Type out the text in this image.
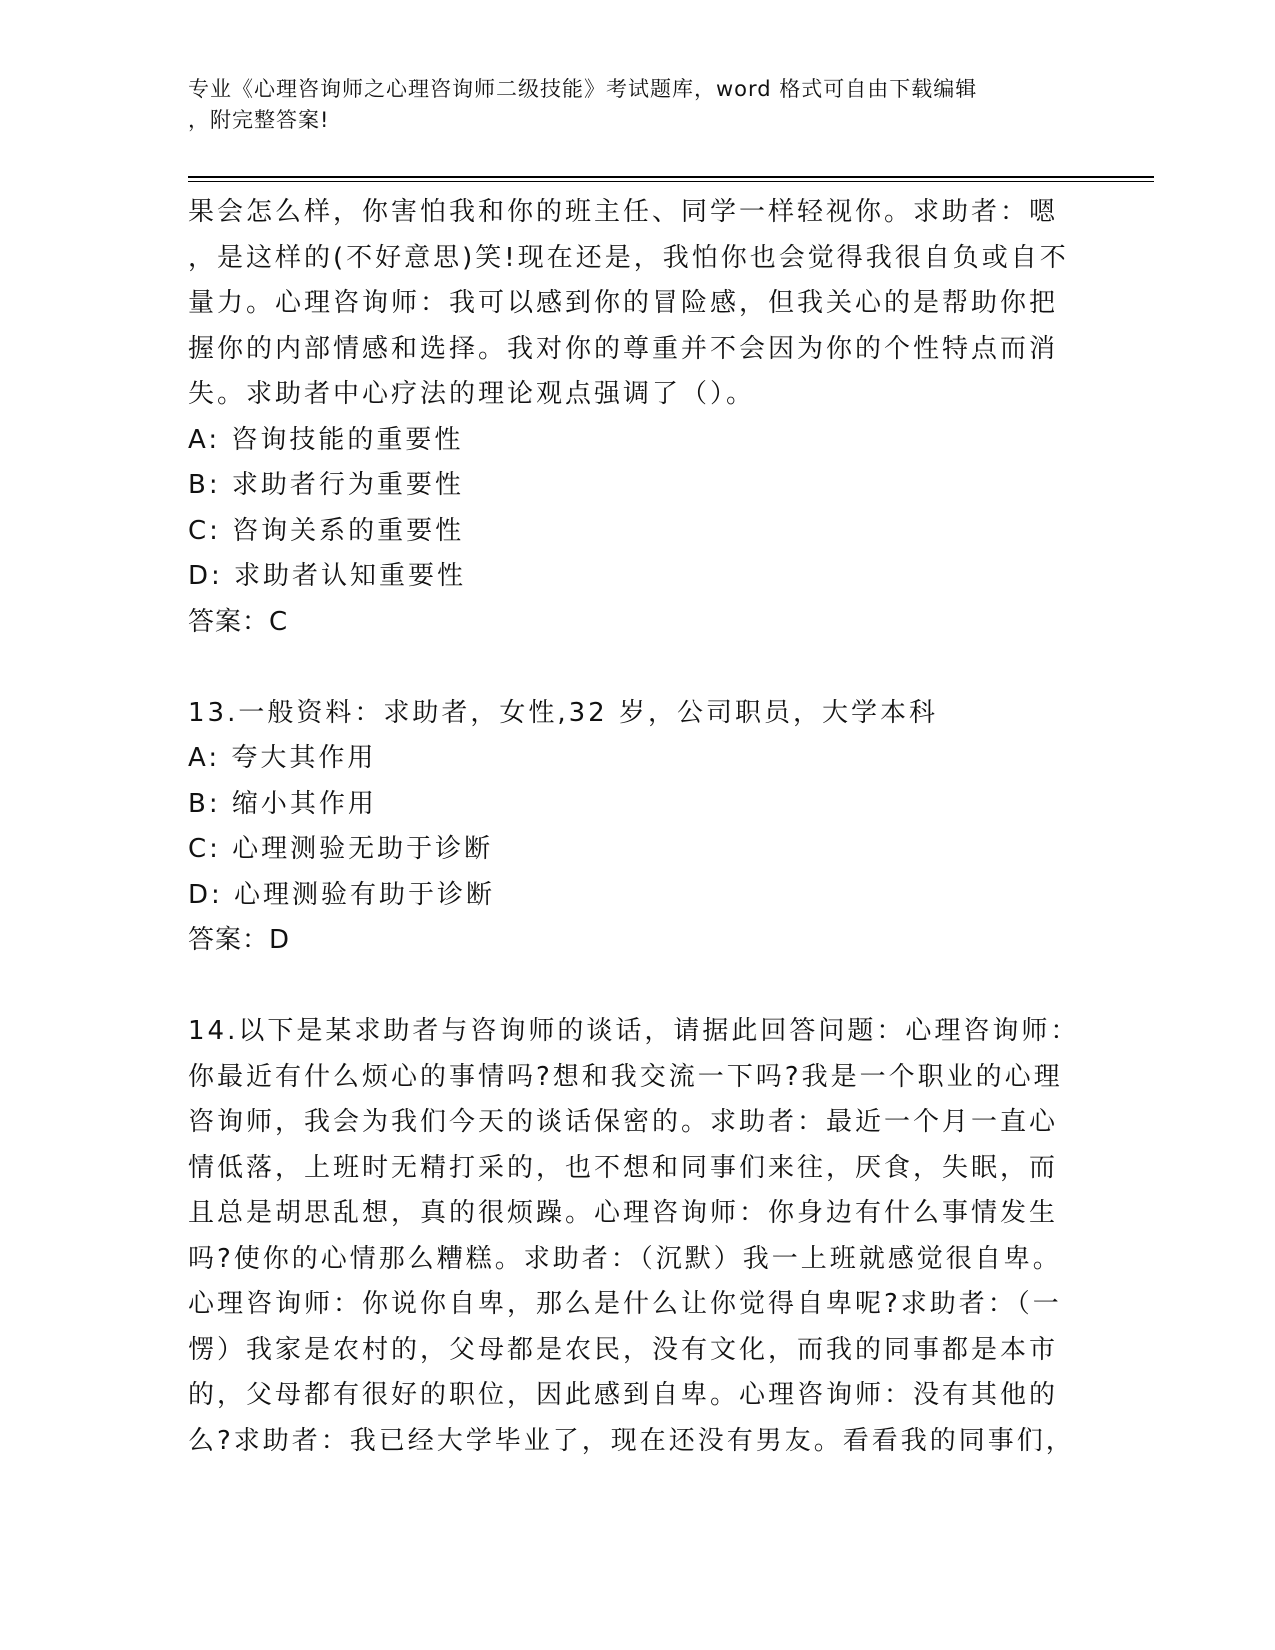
专业《心理咨询师之心理咨询师二级技能》考试题库，word 格式可自由下载编辑
，附完整答案!
果会怎么样，你害怕我和你的班主任、同学一样轻视你。求助者：嗯
，是这样的(不好意思)笑!现在还是，我怕你也会觉得我很自负或自不
量力。心理咨询师：我可以感到你的冒险感，但我关心的是帮助你把
握你的内部情感和选择。我对你的尊重并不会因为你的个性特点而消
失。求助者中心疗法的理论观点强调了（）。
A: 咨询技能的重要性
B: 求助者行为重要性
C: 咨询关系的重要性
D: 求助者认知重要性
答案：C
13.一般资料：求助者，女性,32 岁，公司职员，大学本科
A: 夸大其作用
B: 缩小其作用
C: 心理测验无助于诊断
D: 心理测验有助于诊断
答案：D
14.以下是某求助者与咨询师的谈话，请据此回答问题：心理咨询师：
你最近有什么烦心的事情吗?想和我交流一下吗?我是一个职业的心理
咨询师，我会为我们今天的谈话保密的。求助者：最近一个月一直心
情低落，上班时无精打采的，也不想和同事们来往，厌食，失眠，而
且总是胡思乱想，真的很烦躁。心理咨询师：你身边有什么事情发生
吗?使你的心情那么糟糕。求助者：（沉默）我一上班就感觉很自卑。
心理咨询师：你说你自卑，那么是什么让你觉得自卑呢?求助者：（一
愣）我家是农村的，父母都是农民，没有文化，而我的同事都是本市
的，父母都有很好的职位，因此感到自卑。心理咨询师：没有其他的
么?求助者：我已经大学毕业了，现在还没有男友。看看我的同事们，
